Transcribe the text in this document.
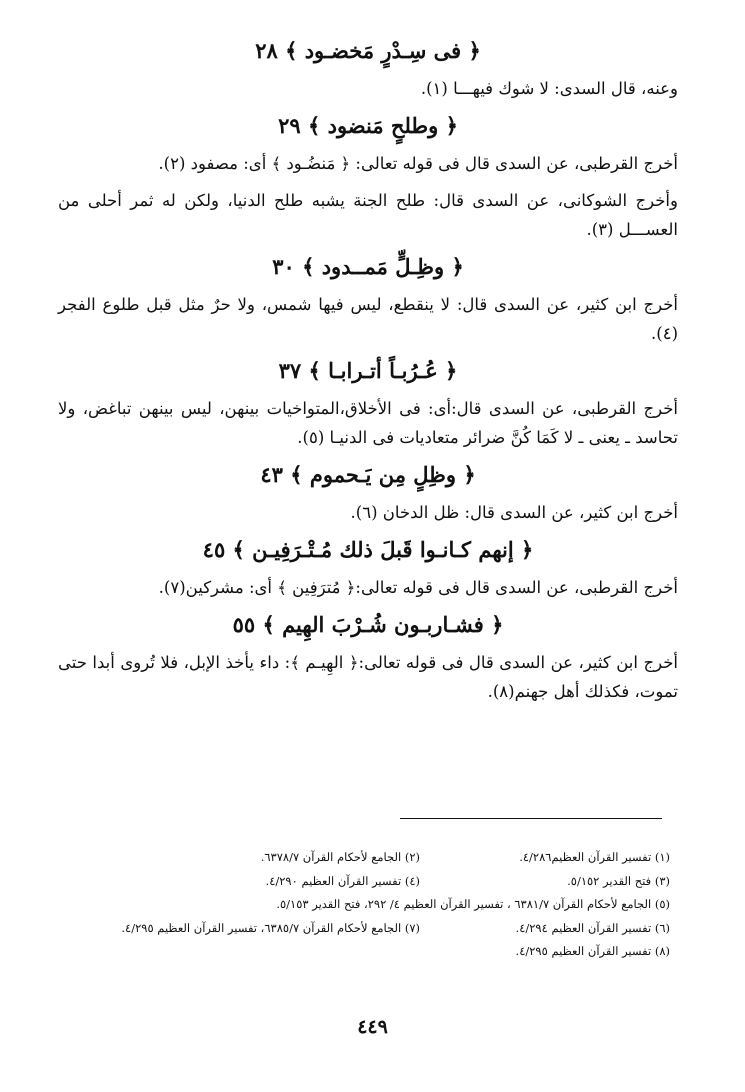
﴿ فى سِـدْرٍ مَخضـود ﴾ ٢٨

وعنه، قال السدى: لا شوك فيهـــا (١).

﴿ وطلحٍ مَنضود ﴾ ٢٩

أخرج القرطبى، عن السدى قال فى قوله تعالى: ﴿ مَنضُـود ﴾ أى: مصفود (٢).

وأخرج الشوكانى، عن السدى قال: طلح الجنة يشبه طلح الدنيا، ولكن له ثمر أحلى من العســـل (٣).

﴿ وظِـلٍّ مَمــدود ﴾ ٣٠

أخرج ابن كثير، عن السدى قال: لا ينقطع، ليس فيها شمس، ولا حرٌ مثل قبل طلوع الفجر (٤).

﴿ عُـرُبـاً أتـرابـا ﴾ ٣٧

أخرج القرطبى، عن السدى قال:أى: فى الأخلاق،المتواخيات بينهن، ليس بينهن تباغض، ولا تحاسد ـ يعنى ـ لا كَمَا كُنَّ ضرائر متعاديات فى الدنيـا (٥).

﴿ وظِلٍ مِن يَـحموم ﴾ ٤٣

أخرج ابن كثير، عن السدى قال: ظل الدخان (٦).

﴿ إنهم كـانـوا قَبلَ ذلك مُـتْـرَفِيـن ﴾ ٤٥

أخرج القرطبى، عن السدى قال فى قوله تعالى:﴿ مُترَفِين ﴾ أى: مشركين(٧).

﴿ فشـاربـون شُـرْبَ الهِيم ﴾ ٥٥

أخرج ابن كثير، عن السدى قال فى قوله تعالى:﴿ الهِيـم ﴾: داء يأخذ الإبل، فلا تُروى أبدا حتى تموت، فكذلك أهل جهنم(٨).

(١) تفسير القرآن العظيم٤/٢٨٦.
(٢) الجامع لأحكام القرآن ٦٣٧٨/٧.
(٣) فتح القدير ٥/١٥٢.
(٤) تفسير القرآن العظيم ٤/٢٩٠.
(٥) الجامع لأحكام القرآن ٦٣٨١/٧ ، تفسير القرآن العظيم ٤/ ٢٩٢، فتح القدير ٥/١٥٣.
(٦) تفسير القرآن العظيم ٤/٢٩٤.
(٧) الجامع لأحكام القرآن ٦٣٨٥/٧، تفسير القرآن العظيم ٤/٢٩٥.
(٨) تفسير القرآن العظيم ٤/٢٩٥.
٤٤٩
